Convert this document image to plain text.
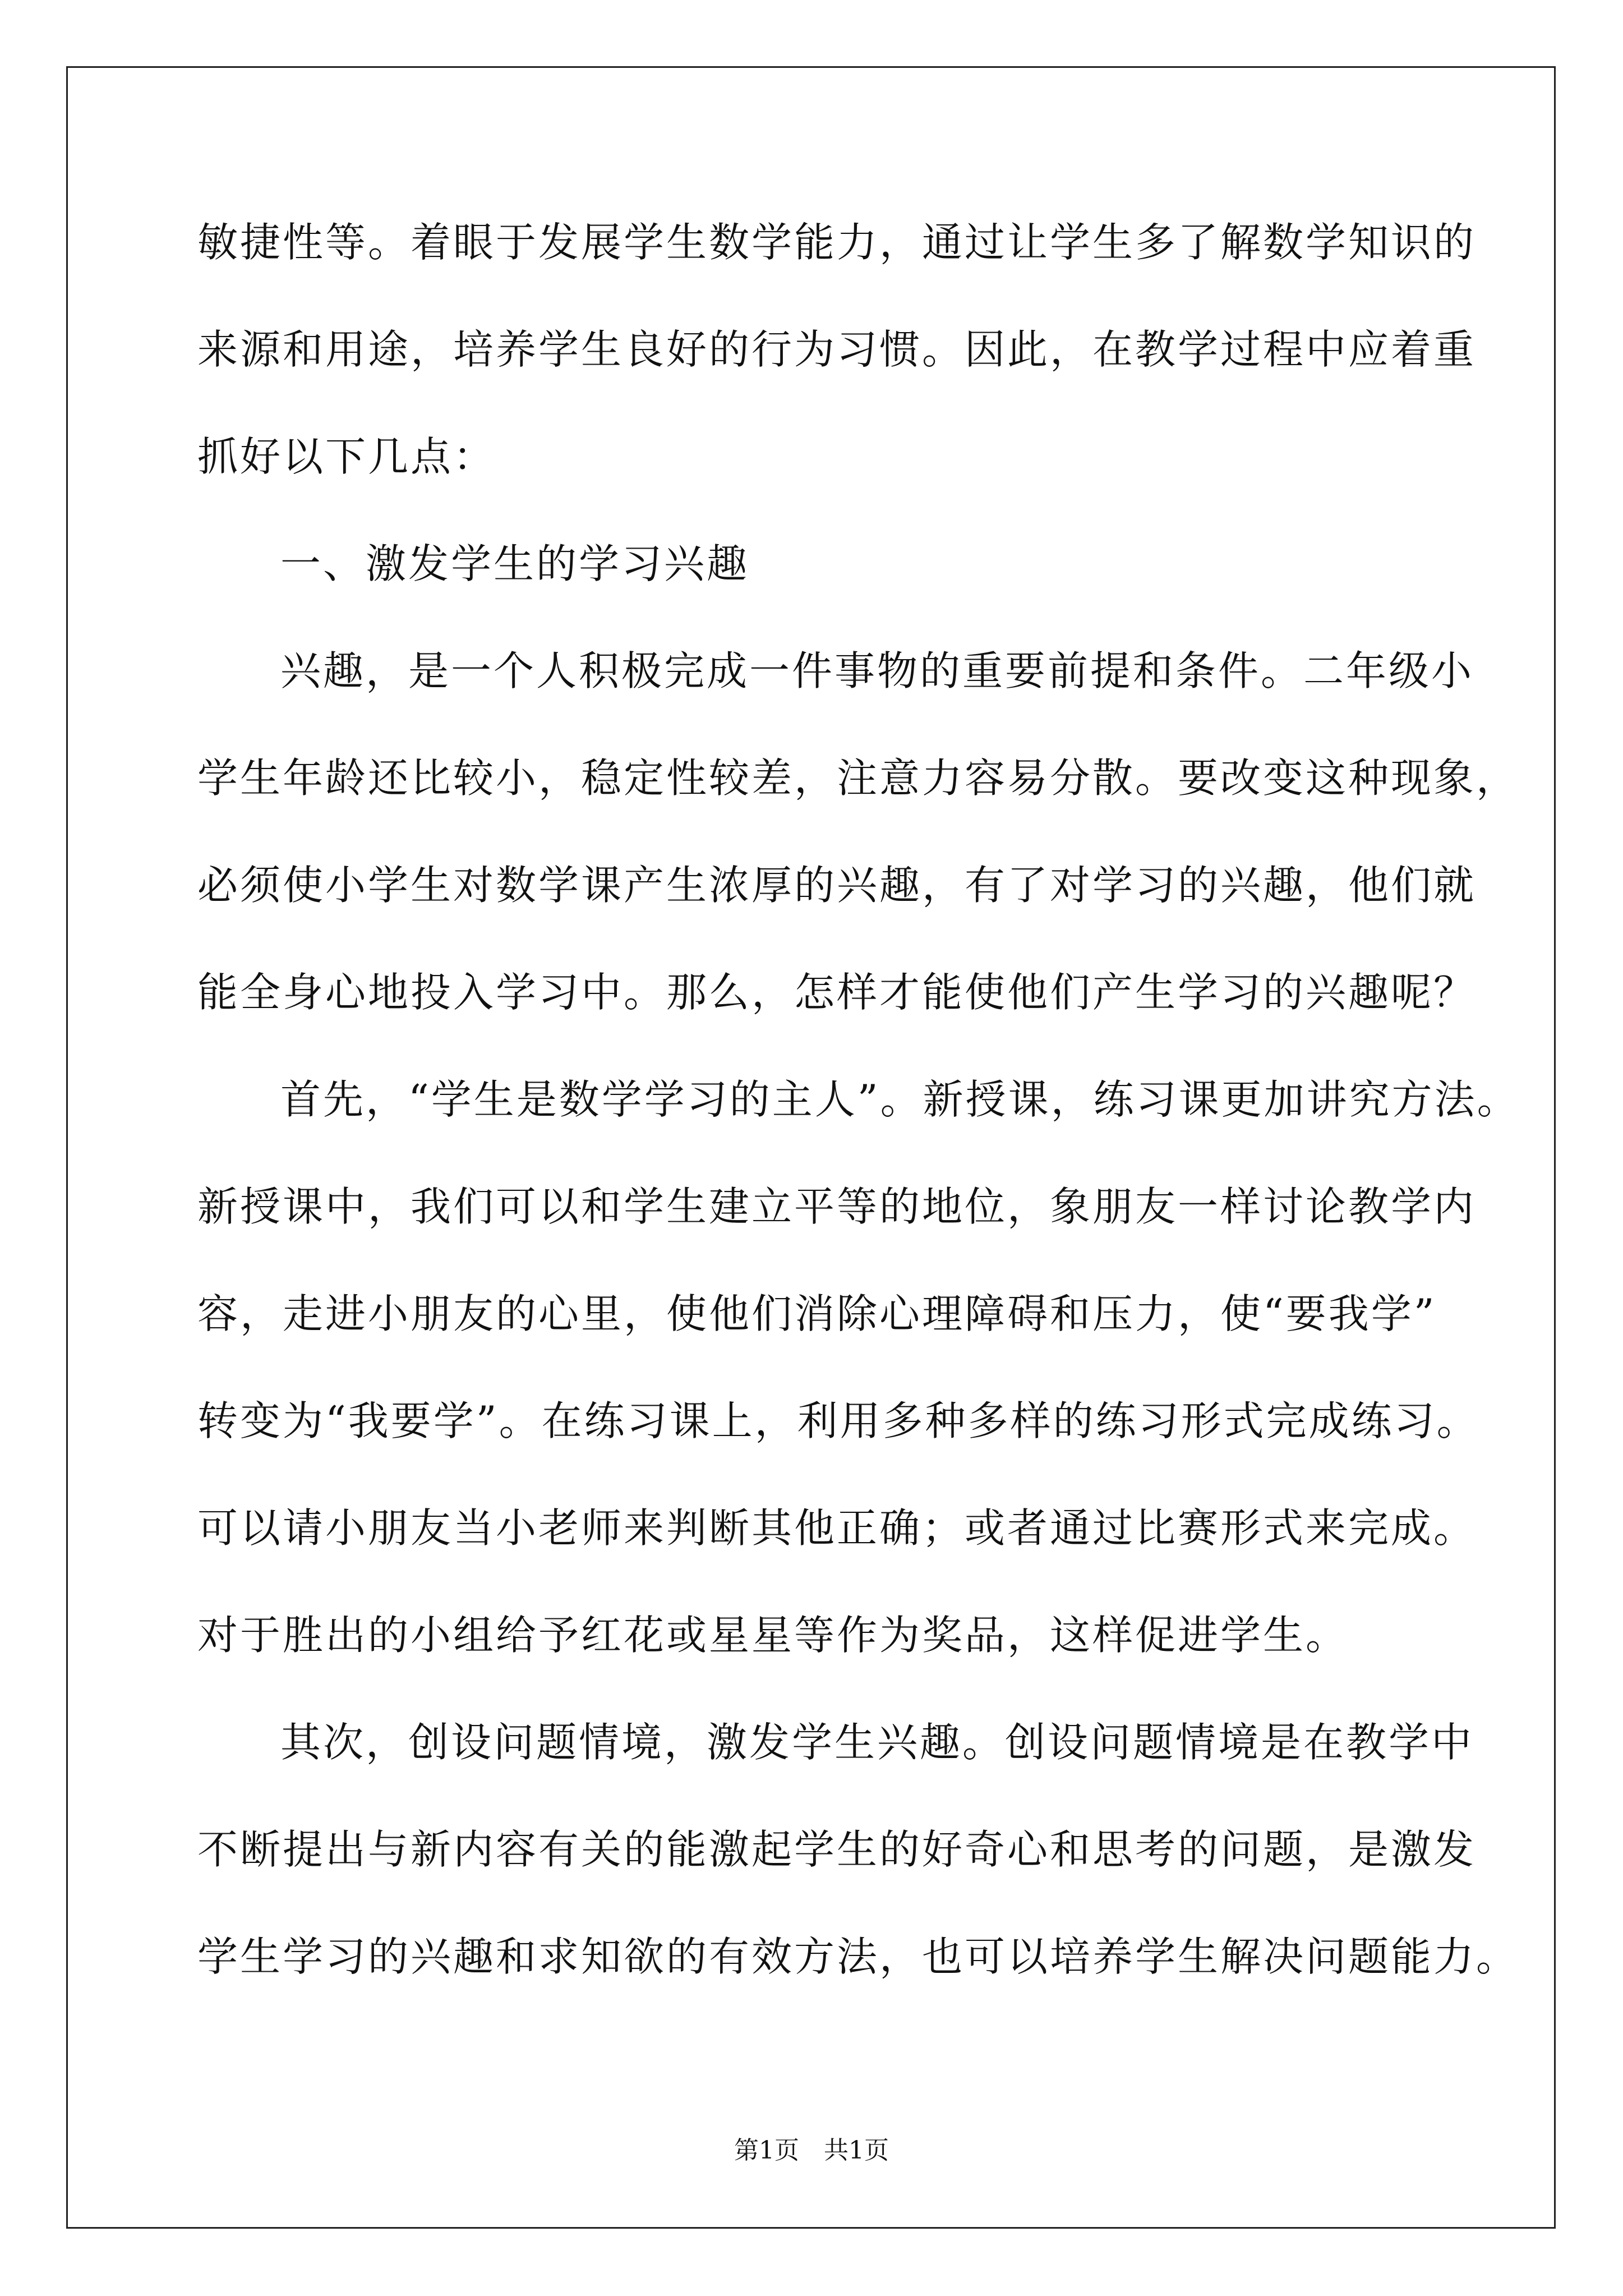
敏捷性等。着眼于发展学生数学能力，通过让学生多了解数学知识的
来源和用途，培养学生良好的行为习惯。因此，在教学过程中应着重
抓好以下几点：
一、激发学生的学习兴趣
兴趣，是一个人积极完成一件事物的重要前提和条件。二年级小
学生年龄还比较小，稳定性较差，注意力容易分散。要改变这种现象，
必须使小学生对数学课产生浓厚的兴趣，有了对学习的兴趣，他们就
能全身心地投入学习中。那么，怎样才能使他们产生学习的兴趣呢？
首先，“学生是数学学习的主人”。新授课，练习课更加讲究方法。
新授课中，我们可以和学生建立平等的地位，象朋友一样讨论教学内
容，走进小朋友的心里，使他们消除心理障碍和压力，使“要我学”
转变为“我要学”。在练习课上，利用多种多样的练习形式完成练习。
可以请小朋友当小老师来判断其他正确；或者通过比赛形式来完成。
对于胜出的小组给予红花或星星等作为奖品，这样促进学生。
其次，创设问题情境，激发学生兴趣。创设问题情境是在教学中
不断提出与新内容有关的能激起学生的好奇心和思考的问题，是激发
学生学习的兴趣和求知欲的有效方法，也可以培养学生解决问题能力。
第1页　共1页
